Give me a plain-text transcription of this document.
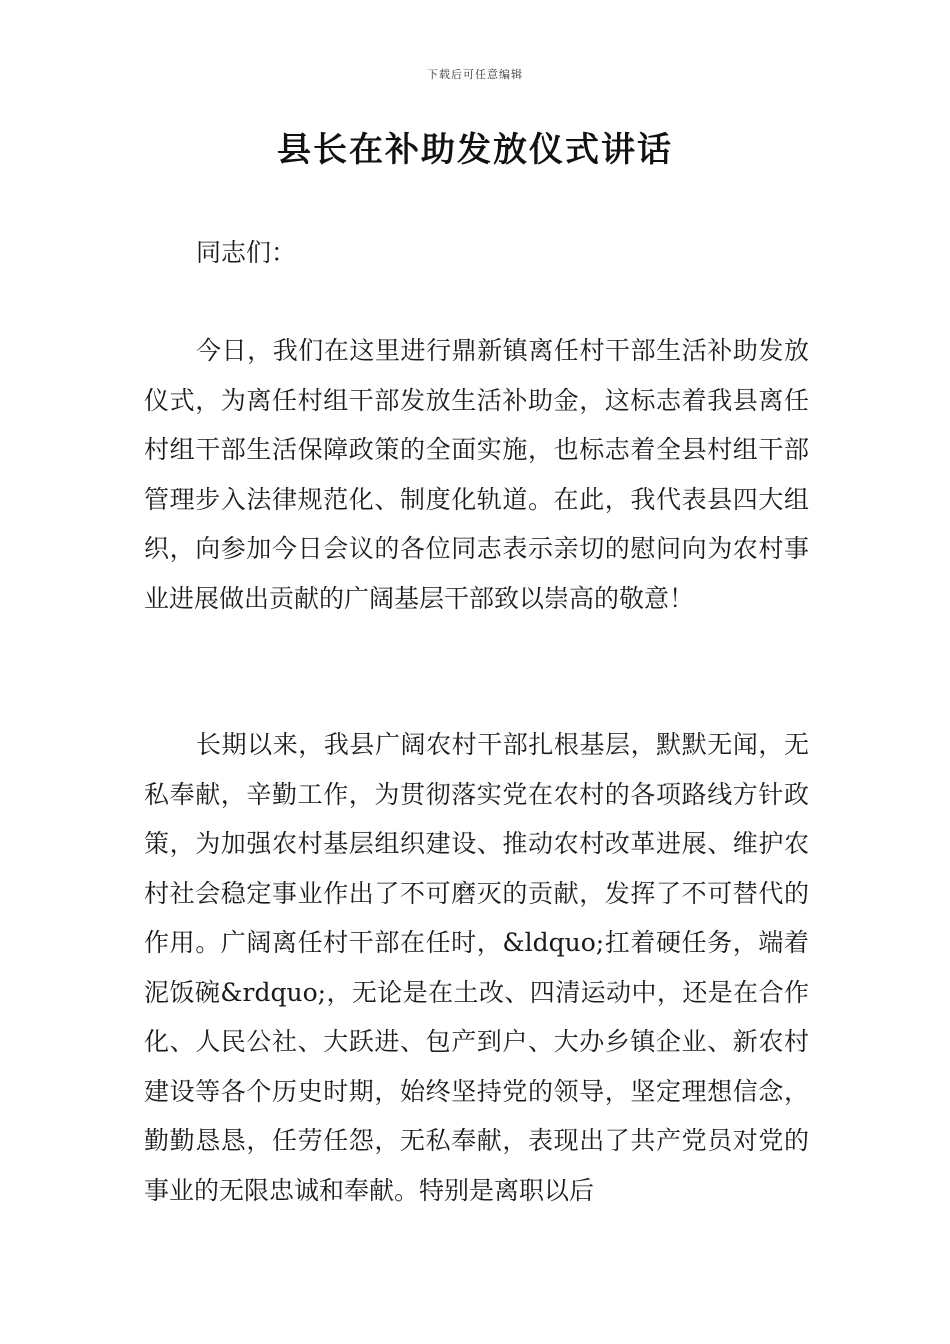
下载后可任意编辑
县长在补助发放仪式讲话

同志们：

今日，我们在这里进行鼎新镇离任村干部生活补助发放仪式，为离任村组干部发放生活补助金，这标志着我县离任村组干部生活保障政策的全面实施，也标志着全县村组干部管理步入法律规范化、制度化轨道。在此，我代表县四大组织，向参加今日会议的各位同志表示亲切的慰问向为农村事业进展做出贡献的广阔基层干部致以崇高的敬意！

长期以来，我县广阔农村干部扎根基层，默默无闻，无私奉献，辛勤工作，为贯彻落实党在农村的各项路线方针政策，为加强农村基层组织建设、推动农村改革进展、维护农村社会稳定事业作出了不可磨灭的贡献，发挥了不可替代的作用。广阔离任村干部在任时，&ldquo;扛着硬任务，端着泥饭碗&rdquo;，无论是在土改、四清运动中，还是在合作化、人民公社、大跃进、包产到户、大办乡镇企业、新农村建设等各个历史时期，始终坚持党的领导，坚定理想信念，勤勤恳恳，任劳任怨，无私奉献，表现出了共产党员对党的事业的无限忠诚和奉献。特别是离职以后
